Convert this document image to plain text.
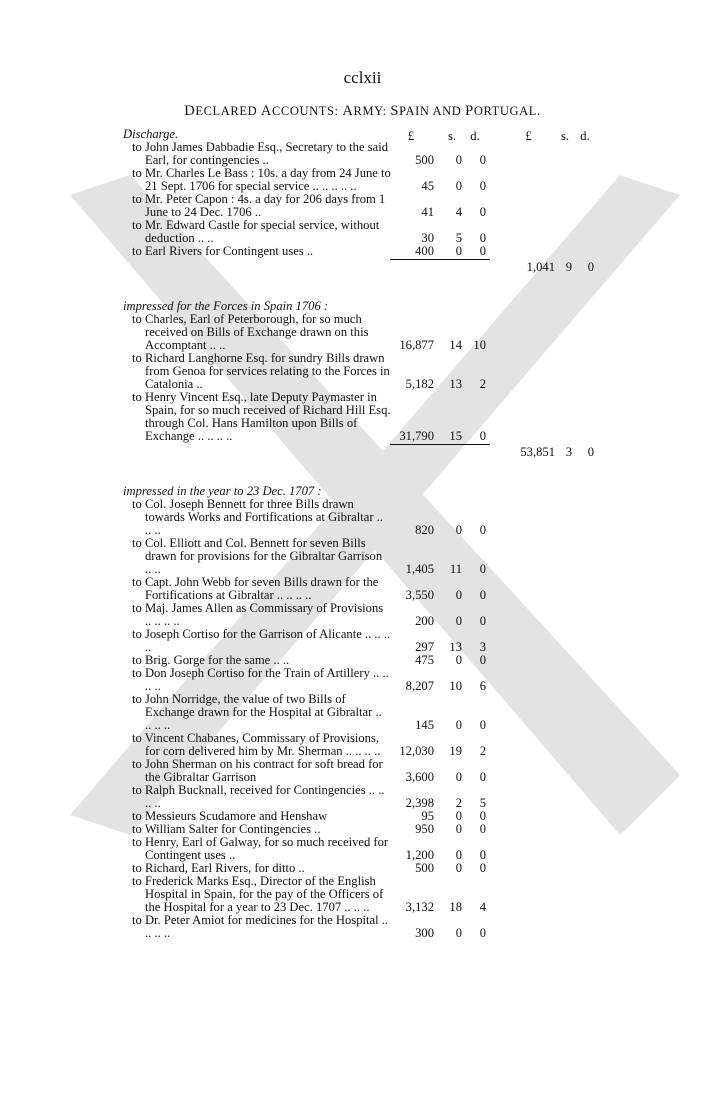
cclxii
DECLARED ACCOUNTS: ARMY: SPAIN AND PORTUGAL.
Discharge.	£	s.	d.	£	s. d.
to John James Dabbadie Esq., Secretary to the said Earl, for contingencies ..	500	0	0
to Mr. Charles Le Bass : 10s. a day from 24 June to 21 Sept. 1706 for special service .. .. .. .. ..	45	0	0
to Mr. Peter Capon : 4s. a day for 206 days from 1 June to 24 Dec. 1706 ..	41	4	0
to Mr. Edward Castle for special service, without deduction .. ..	30	5	0
to Earl Rivers for Contingent uses ..	400	0	0
1,041 9	0
impressed for the Forces in Spain 1706 :
to Charles, Earl of Peterborough, for so much received on Bills of Exchange drawn on this Accomptant .. ..	16,877	14 10
to Richard Langhorne Esq. for sundry Bills drawn from Genoa for services relating to the Forces in Catalonia ..	5,182	13	2
to Henry Vincent Esq., late Deputy Paymaster in Spain, for so much received of Richard Hill Esq. through Col. Hans Hamilton upon Bills of Exchange .. .. .. ..	31,790	15	0
53,851 3	0
impressed in the year to 23 Dec. 1707 :
to Col. Joseph Bennett for three Bills drawn towards Works and Fortifications at Gibraltar .. .. ..	820	0	0
to Col. Elliott and Col. Bennett for seven Bills drawn for provisions for the Gibraltar Garrison .. ..	1,405	11	0
to Capt. John Webb for seven Bills drawn for the Fortifications at Gibraltar .. .. .. ..	3,550	0	0
to Maj. James Allen as Commissary of Provisions .. .. .. ..	200	0	0
to Joseph Cortiso for the Garrison of Alicante .. .. .. ..	297	13	3
to Brig. Gorge for the same .. ..	475	0	0
to Don Joseph Cortiso for the Train of Artillery .. .. .. ..	8,207	10	6
to John Norridge, the value of two Bills of Exchange drawn for the Hospital at Gibraltar .. .. .. ..	145	0	0
to Vincent Chabanes, Commissary of Provisions, for corn delivered him by Mr. Sherman .. .. .. ..	12,030	19	2
to John Sherman on his contract for soft bread for the Gibraltar Garrison	3,600	0	0
to Ralph Bucknall, received for Contingencies .. .. .. ..	2,398	2	5
to Messieurs Scudamore and Henshaw	95	0	0
to William Salter for Contingencies ..	950	0	0
to Henry, Earl of Galway, for so much received for Contingent uses ..	1,200	0	0
to Richard, Earl Rivers, for ditto ..	500	0	0
to Frederick Marks Esq., Director of the English Hospital in Spain, for the pay of the Officers of the Hospital for a year to 23 Dec. 1707 .. .. ..	3,132	18	4
to Dr. Peter Amiot for medicines for the Hospital .. .. .. ..	300	0	0
